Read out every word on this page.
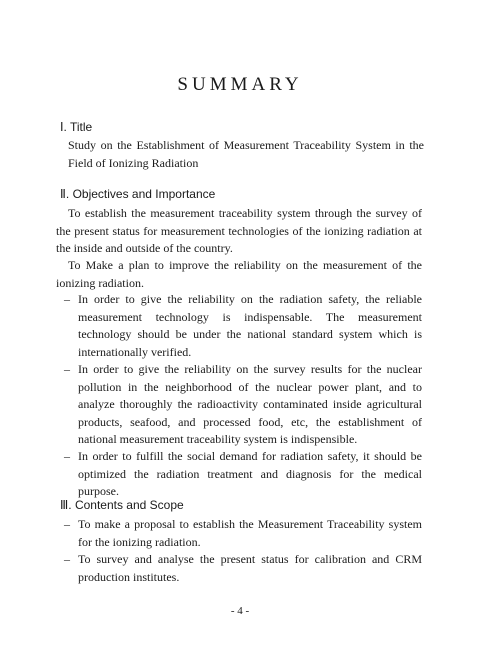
SUMMARY
Ⅰ. Title
Study on the Establishment of Measurement Traceability System in the Field of Ionizing Radiation
Ⅱ. Objectives and Importance
To establish the measurement traceability system through the survey of the present status for measurement technologies of the ionizing radiation at the inside and outside of the country.
To Make a plan to improve the reliability on the measurement of the ionizing radiation.
– In order to give the reliability on the radiation safety, the reliable measurement technology is indispensable. The measurement technology should be under the national standard system which is internationally verified.
– In order to give the reliability on the survey results for the nuclear pollution in the neighborhood of the nuclear power plant, and to analyze thoroughly the radioactivity contaminated inside agricultural products, seafood, and processed food, etc, the establishment of national measurement traceability system is indispensible.
– In order to fulfill the social demand for radiation safety, it should be optimized the radiation treatment and diagnosis for the medical purpose.
Ⅲ. Contents and Scope
– To make a proposal to establish the Measurement Traceability system for the ionizing radiation.
– To survey and analyse the present status for calibration and CRM production institutes.
- 4 -
